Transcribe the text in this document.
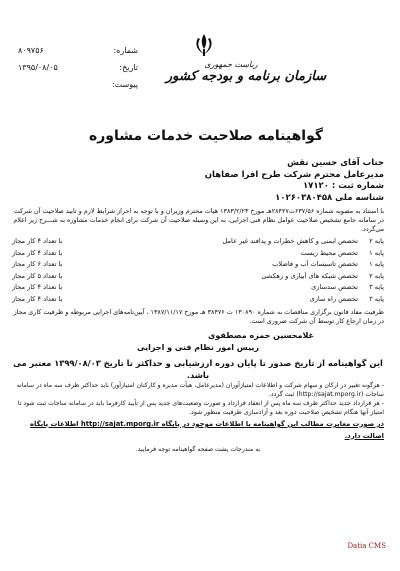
شماره:
۸۰۹۷۵۶
تاریخ:
۱۳۹۵/۰۸/۰۵
پیوست:
ریاست جمهوری
سازمان برنامه و بودجه کشور
گواهینامه صلاحیت خدمات مشاوره
جناب آقای حسین نقش
مدیرعامل محترم شرکت طرح افرا صفاهان
شماره ثبت : ۱۷۱۲۰
شناسه ملی ۱۰۲۶۰۳۸۰۴۵۸
با استناد به مصوبه شماره ۶۳۷/۵۶ت۲۸۴۲۷هـ مورخ ۱۳۸۳/۲/۲۳ هیات محترم وزیران و با توجه به احراز شرایط لازم و تایید صلاحیت آن شرکت در سامانه جامع تشخیص صلاحیت عوامل نظام فنی اجرایی، به این وسیله صلاحیت آن شرکت برای انجام خدمات مشاوره به شـــرح زیر اعلام می‌گردد.
پایه ۲
تخصص ایمنی و کاهش خطرات و پدافند غیر عامل
با تعداد ۴ کار مجاز
پایه ۱
تخصص محیط زیست
با تعداد ۴ کار مجاز
پایه ۱
تخصص تاسیسات آب و فاضلاب
با تعداد ۶ کار مجاز
پایه ۲
تخصص شبکه های آبیاری و زهکشی
با تعداد ۵ کار مجاز
پایه ۳
تخصص سدسازی
با تعداد ۴ کار مجاز
پایه ۳
تخصص راه سازی
با تعداد ۴ کار مجاز
ظرفیت مفاد قانون برگزاری مناقصات به شماره ۱۳۰۸۹۰ ت ۳۸۴۷۶ هـ مورخ ۱۳۸۷/۱۱/۱۷ ، آیین‌نامه‌های اجرایی مربوطه و ظرفیت کاری مجاز در زمان ارجاع کار توسط آن شرکت ضروری است.
غلامحسین حمزه مصطفوی
رییس امور نظام فنی و اجرایی
این گواهینامه از تاریخ صدور تا پایان دوره ارزشیابی و حداکثر تا تاریخ ۱۳۹۹/۰۸/۰۳ معتبر می باشد.
- هرگونه تغییر در ارکان و سهام شرکت و اطلاعات امتیازآوران (مدیرعامل، هیأت مدیره و کارکنان امتیازآور) باید حداکثر ظرف سه ماه در سامانه ساجات (http://sajat.mporg.ir) ثبت گردد.
- هر قرارداد جدید حداکثر ظرف سه ماه پس از انعقاد قرارداد و صورت وضعیت‌های جدید پس از تأیید کارفرما باید در سامانه ساجات ثبت شود تا امتیاز آنها هنگام تشخیص صلاحیت دوره بعد و آزادسازی ظرفیت منظور شود.
در صورت مغایرت مطالب این گواهینامه با اطلاعات موجود در پایگاه http://sajat.mporg.ir اطلاعات پایگاه اصالت دارد.
به مندرجات پشت صفحه گواهینامه توجه فرمایید.
Datia CMS
